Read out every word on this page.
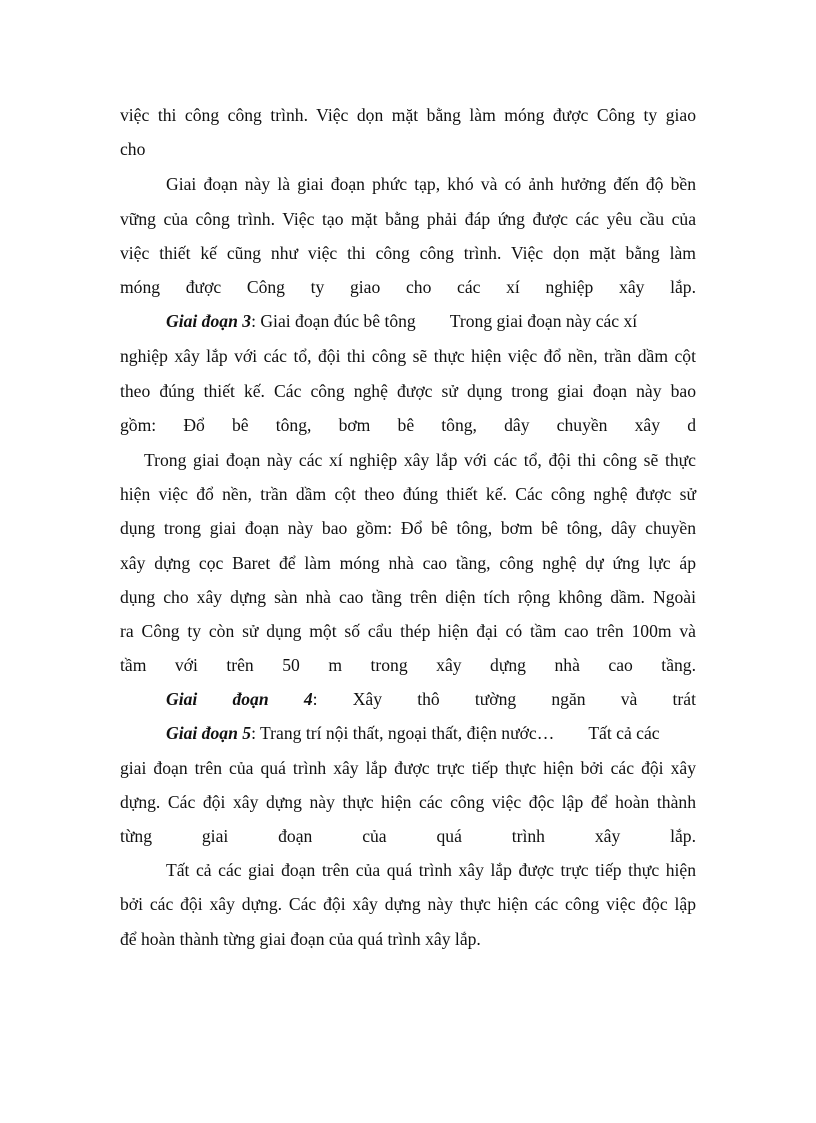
việc thi công công trình. Việc dọn mặt bằng làm móng được Công ty giao
cho
Giai đoạn này là giai đoạn phức tạp, khó và có ảnh hưởng đến độ bền
vững của công trình. Việc tạo mặt bằng phải đáp ứng được các yêu cầu của
việc thiết kế cũng như việc thi công công trình. Việc dọn mặt bằng làm
móng được Công ty giao cho các xí nghiệp xây lắp.
Giai đoạn 3: Giai đoạn đúc bê tông Trong giai đoạn này các xí
nghiệp xây lắp với các tổ, đội thi công sẽ thực hiện việc đổ nền, trần dầm cột
theo đúng thiết kế. Các công nghệ được sử dụng trong giai đoạn này bao
gồm: Đổ bê tông, bơm bê tông, dây chuyền xây d
Trong giai đoạn này các xí nghiệp xây lắp với các tổ, đội thi công sẽ thực
hiện việc đổ nền, trần dầm cột theo đúng thiết kế. Các công nghệ được sử
dụng trong giai đoạn này bao gồm: Đổ bê tông, bơm bê tông, dây chuyền
xây dựng cọc Baret để làm móng nhà cao tầng, công nghệ dự ứng lực áp
dụng cho xây dựng sàn nhà cao tầng trên diện tích rộng không dầm. Ngoài
ra Công ty còn sử dụng một số cẩu thép hiện đại có tầm cao trên 100m và
tầm với trên 50 m trong xây dựng nhà cao tầng.
Giai đoạn 4: Xây thô tường ngăn và trát
Giai đoạn 5: Trang trí nội thất, ngoại thất, điện nước… Tất cả các
giai đoạn trên của quá trình xây lắp được trực tiếp thực hiện bởi các đội xây
dựng. Các đội xây dựng này thực hiện các công việc độc lập để hoàn thành
từng giai đoạn của quá trình xây lắp.
Tất cả các giai đoạn trên của quá trình xây lắp được trực tiếp thực hiện
bởi các đội xây dựng. Các đội xây dựng này thực hiện các công việc độc lập
để hoàn thành từng giai đoạn của quá trình xây lắp.
